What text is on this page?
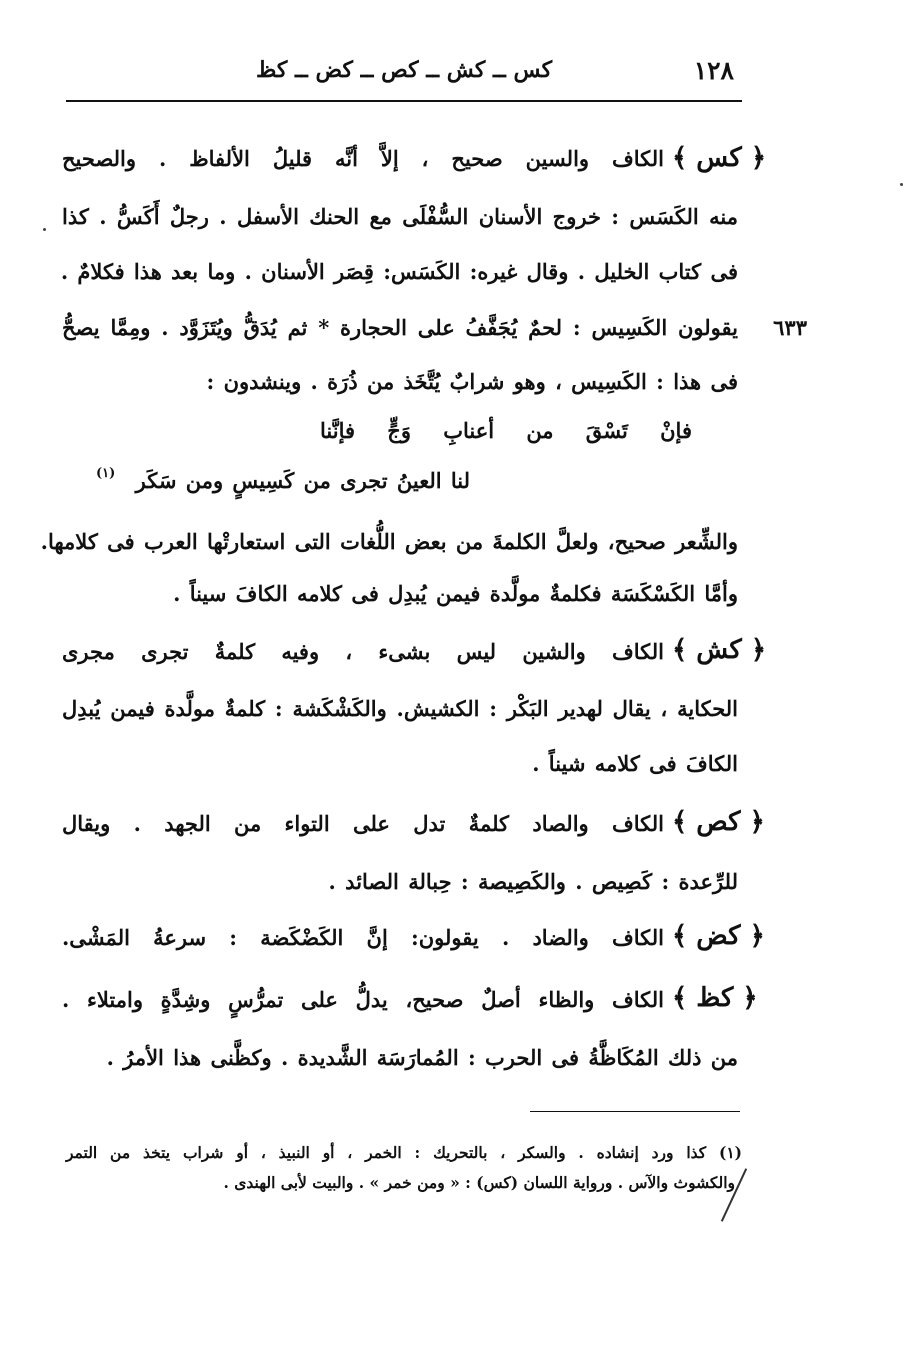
١٢٨
كس ــ كش ــ كص ــ كض ــ كظ
﴿ كس ﴾
الكاف والسين صحيح ، إلاَّ أنَّه قليلُ الألفاظ . والصحيح
منه الكَسَس : خروج الأسنان السُّفْلَى مع الحنك الأسفل . رجلٌ أَكَسُّ . كذا
فى كتاب الخليل . وقال غيره: الكَسَس: قِصَر الأسنان . وما بعد هذا فكلامٌ .
٦٣٣
يقولون الكَسِيس : لحمٌ يُجَفَّفُ على الحجارة * ثم يُدَقُّ ويُتَزَوَّد . ومِمَّا يصحُّ
فى هذا : الكَسِيس ، وهو شرابٌ يُتَّخَذ من ذُرَة . وينشدون :
فإنْ تَسْقَ من أعنابِ وَجٍّ فإنَّنا
لنا العينُ تجرى من كَسِيسٍ ومن سَكَر
(١)
والشِّعر صحيح، ولعلَّ الكلمةَ من بعض اللُّغات التى استعارتْها العرب فى كلامها.
وأمَّا الكَسْكَسَة فكلمةٌ مولَّدة فيمن يُبدِل فى كلامه الكافَ سيناً .
﴿ كش ﴾
الكاف والشين ليس بشىء ، وفيه كلمةٌ تجرى مجرى
الحكاية ، يقال لهدير البَكْر : الكشيش. والكَشْكَشة : كلمةٌ مولَّدة فيمن يُبدِل
الكافَ فى كلامه شيناً .
﴿ كص ﴾
الكاف والصاد كلمةٌ تدل على التواء من الجهد . ويقال
للرِّعدة : كَصِيص . والكَصِيصة : حِبالة الصائد .
﴿ كض ﴾
الكاف والضاد . يقولون: إنَّ الكَضْكَضة : سرعةُ المَشْى.
﴿ كظ ﴾
الكاف والظاء أصلٌ صحيح، يدلُّ على تمرُّسٍ وشِدَّةٍ وامتلاء .
من ذلك المُكَاظَّةُ فى الحرب : المُمارَسَة الشَّديدة . وكظَّنى هذا الأمرُ .
(١) كذا ورد إنشاده . والسكر ، بالتحريك : الخمر ، أو النبيذ ، أو شراب يتخذ من التمر
والكشوث والآس . ورواية اللسان (كس) : « ومن خمر » . والبيت لأبى الهندى .
